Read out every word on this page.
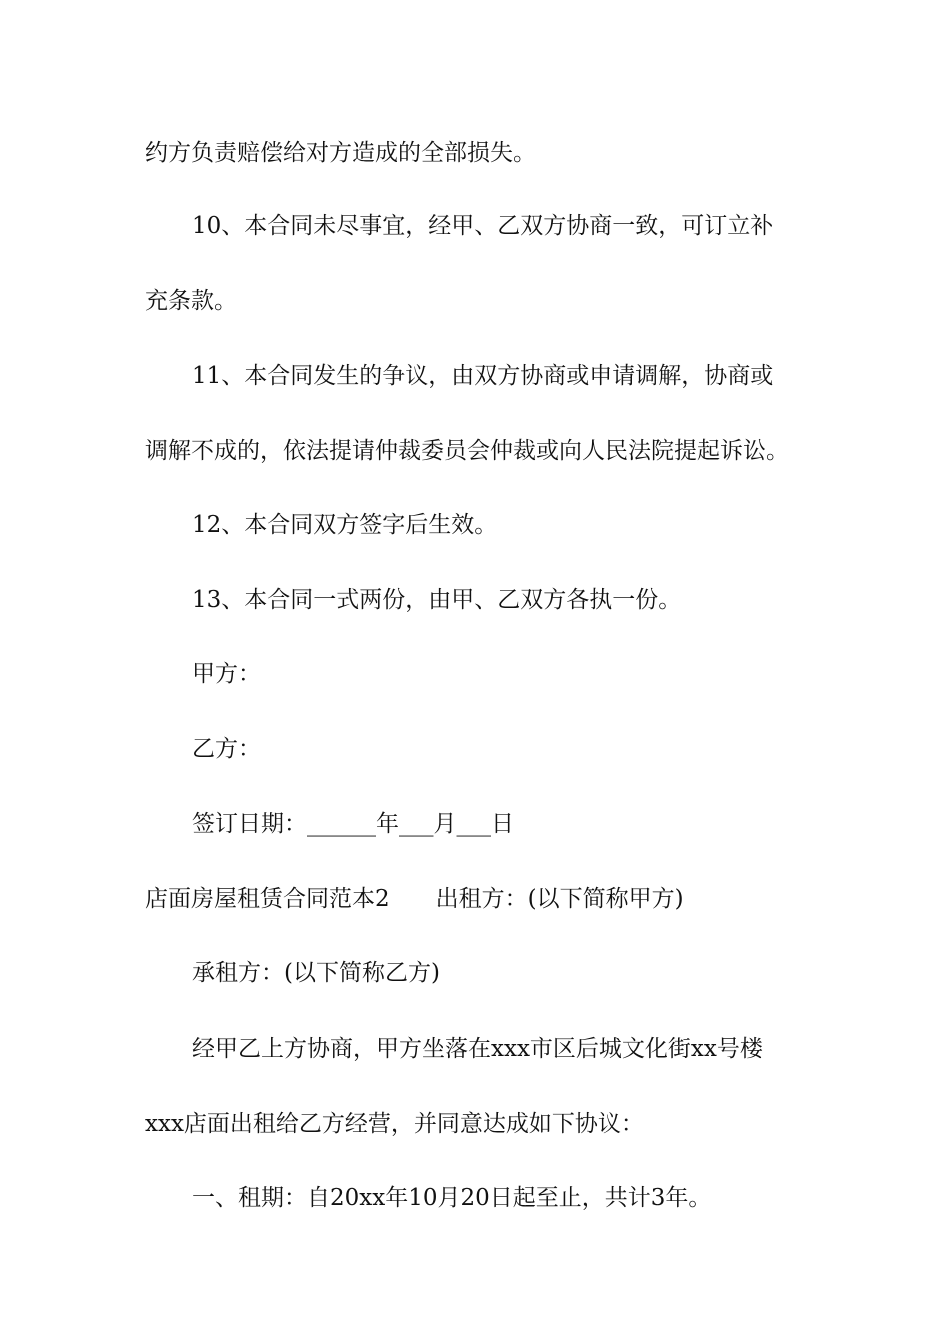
约方负责赔偿给对方造成的全部损失。
10、本合同未尽事宜，经甲、乙双方协商一致，可订立补
充条款。
11、本合同发生的争议，由双方协商或申请调解，协商或
调解不成的，依法提请仲裁委员会仲裁或向人民法院提起诉讼。
12、本合同双方签字后生效。
13、本合同一式两份，由甲、乙双方各执一份。
甲方：
乙方：
签订日期：______年___月___日
店面房屋租赁合同范本2　　出租方：(以下简称甲方)
承租方：(以下简称乙方)
经甲乙上方协商，甲方坐落在xxx市区后城文化街xx号楼
xxx店面出租给乙方经营，并同意达成如下协议：
一、租期：自20xx年10月20日起至止，共计3年。
